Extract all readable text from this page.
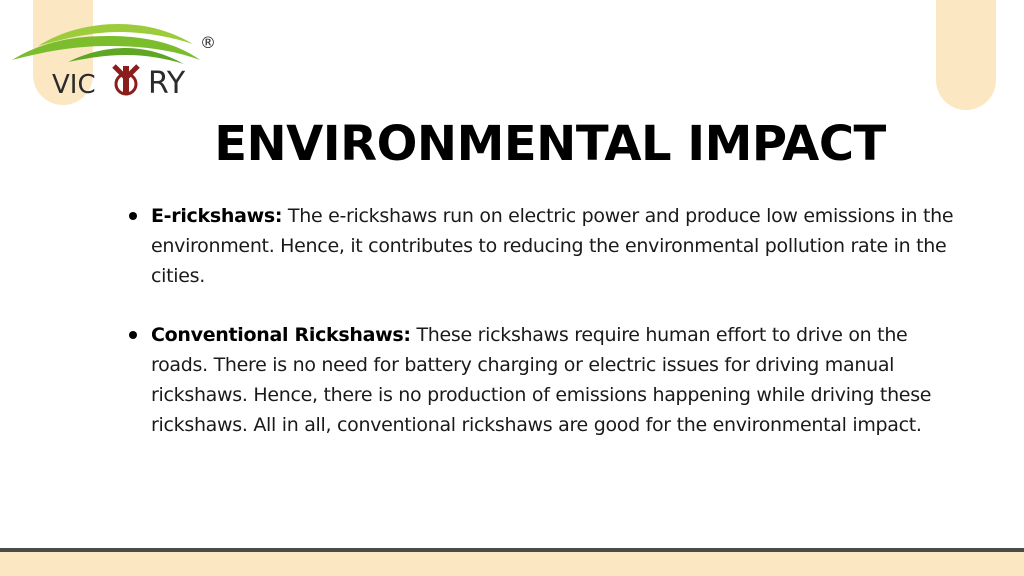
VIC RY
®
ENVIRONMENTAL IMPACT
E-rickshaws: The e-rickshaws run on electric power and produce low emissions in the environment. Hence, it contributes to reducing the environmental pollution rate in the cities.
Conventional Rickshaws: These rickshaws require human effort to drive on the roads. There is no need for battery charging or electric issues for driving manual rickshaws. Hence, there is no production of emissions happening while driving these rickshaws. All in all, conventional rickshaws are good for the environmental impact.
